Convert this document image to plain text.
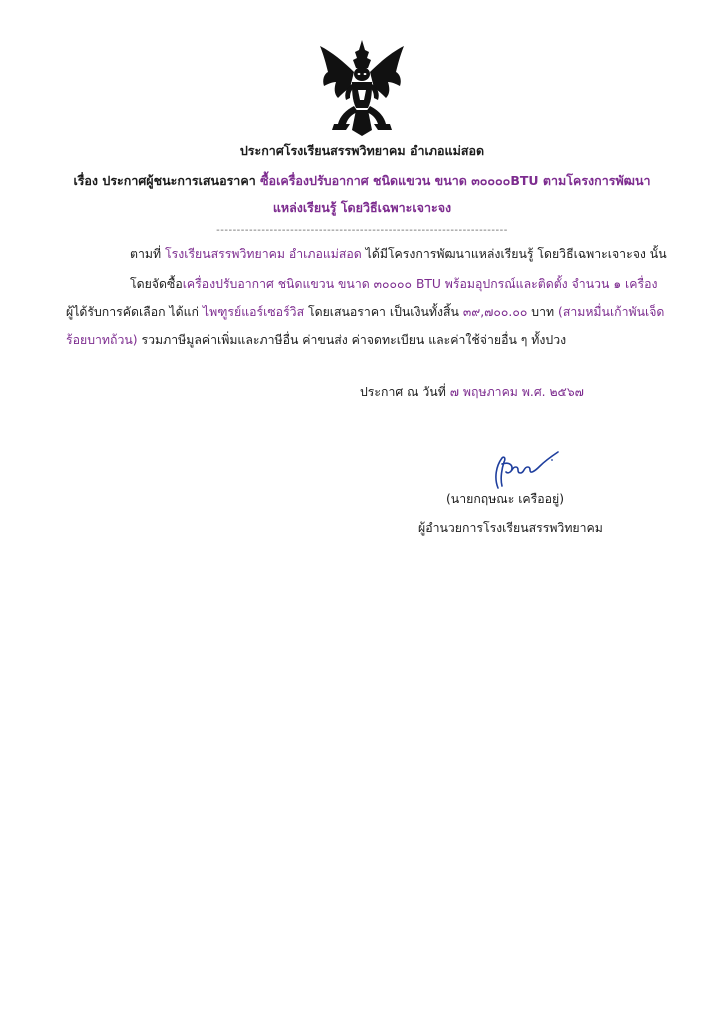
ประกาศโรงเรียนสรรพวิทยาคม อำเภอแม่สอด
เรื่อง ประกาศผู้ชนะการเสนอราคา ซื้อเครื่องปรับอากาศ ชนิดแขวน ขนาด ๓๐๐๐๐BTU ตามโครงการพัฒนา
แหล่งเรียนรู้ โดยวิธีเฉพาะเจาะจง
-----------------------------------------------------------------------
ตามที่ โรงเรียนสรรพวิทยาคม อำเภอแม่สอด ได้มีโครงการพัฒนาแหล่งเรียนรู้ โดยวิธีเฉพาะเจาะจง นั้น
โดยจัดซื้อเครื่องปรับอากาศ ชนิดแขวน ขนาด ๓๐๐๐๐ BTU พร้อมอุปกรณ์และติดตั้ง จำนวน ๑ เครื่อง
ผู้ได้รับการคัดเลือก ได้แก่ ไพฑูรย์แอร์เซอร์วิส โดยเสนอราคา เป็นเงินทั้งสิ้น ๓๙,๗๐๐.๐๐ บาท (สามหมื่นเก้าพันเจ็ด
ร้อยบาทถ้วน) รวมภาษีมูลค่าเพิ่มและภาษีอื่น ค่าขนส่ง ค่าจดทะเบียน และค่าใช้จ่ายอื่น ๆ ทั้งปวง
ประกาศ ณ วันที่ ๗ พฤษภาคม พ.ศ. ๒๕๖๗
(นายกฤษณะ เครืออยู่)
ผู้อำนวยการโรงเรียนสรรพวิทยาคม
